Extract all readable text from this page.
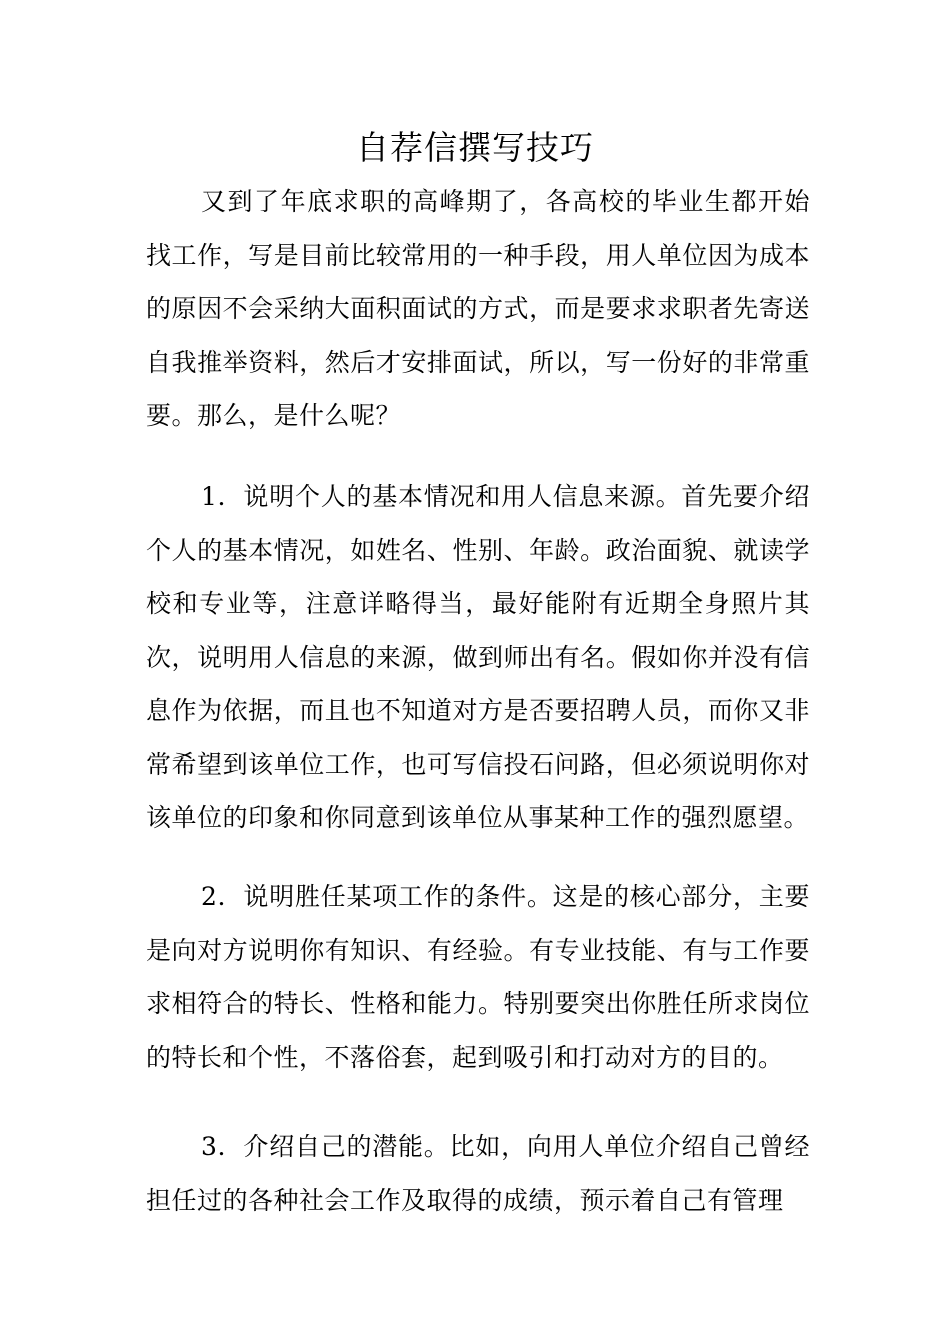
自荐信撰写技巧

又到了年底求职的高峰期了，各高校的毕业生都开始找工作，写是目前比较常用的一种手段，用人单位因为成本的原因不会采纳大面积面试的方式，而是要求求职者先寄送自我推举资料，然后才安排面试，所以，写一份好的非常重要。那么，是什么呢？

1．说明个人的基本情况和用人信息来源。首先要介绍个人的基本情况，如姓名、性别、年龄。政治面貌、就读学校和专业等，注意详略得当，最好能附有近期全身照片其次，说明用人信息的来源，做到师出有名。假如你并没有信息作为依据，而且也不知道对方是否要招聘人员，而你又非常希望到该单位工作，也可写信投石问路，但必须说明你对该单位的印象和你同意到该单位从事某种工作的强烈愿望。

2．说明胜任某项工作的条件。这是的核心部分，主要是向对方说明你有知识、有经验。有专业技能、有与工作要求相符合的特长、性格和能力。特别要突出你胜任所求岗位的特长和个性，不落俗套，起到吸引和打动对方的目的。

3．介绍自己的潜能。比如，向用人单位介绍自己曾经担任过的各种社会工作及取得的成绩，预示着自己有管理
